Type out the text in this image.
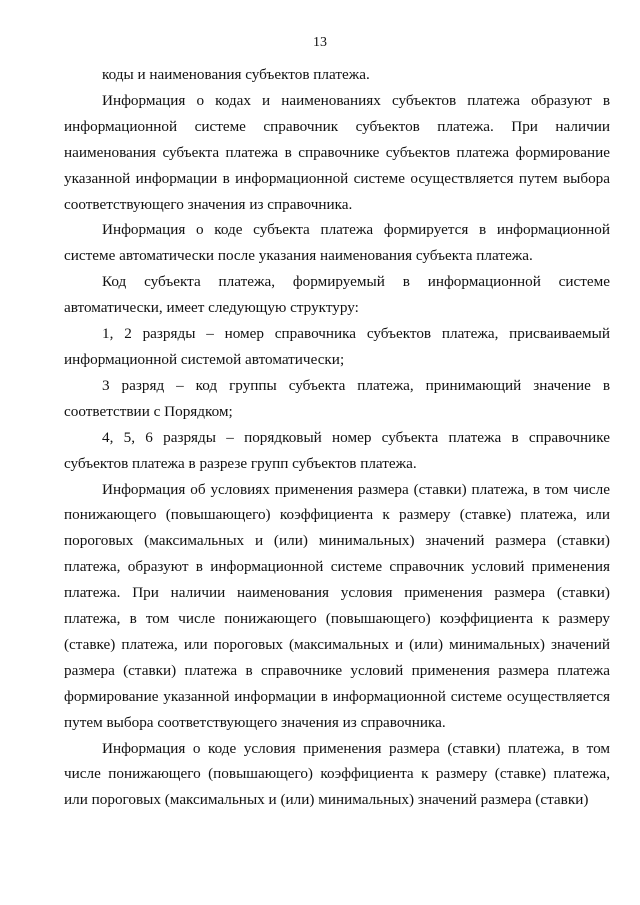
13

коды и наименования субъектов платежа.

Информация о кодах и наименованиях субъектов платежа образуют в информационной системе справочник субъектов платежа. При наличии наименования субъекта платежа в справочнике субъектов платежа формирование указанной информации в информационной системе осуществляется путем выбора соответствующего значения из справочника.

Информация о коде субъекта платежа формируется в информационной системе автоматически после указания наименования субъекта платежа.

Код субъекта платежа, формируемый в информационной системе автоматически, имеет следующую структуру:

1, 2 разряды – номер справочника субъектов платежа, присваиваемый информационной системой автоматически;

3 разряд – код группы субъекта платежа, принимающий значение в соответствии с Порядком;

4, 5, 6 разряды – порядковый номер субъекта платежа в справочнике субъектов платежа в разрезе групп субъектов платежа.

Информация об условиях применения размера (ставки) платежа, в том числе понижающего (повышающего) коэффициента к размеру (ставке) платежа, или пороговых (максимальных и (или) минимальных) значений размера (ставки) платежа, образуют в информационной системе справочник условий применения платежа. При наличии наименования условия применения размера (ставки) платежа, в том числе понижающего (повышающего) коэффициента к размеру (ставке) платежа, или пороговых (максимальных и (или) минимальных) значений размера (ставки) платежа в справочнике условий применения размера платежа формирование указанной информации в информационной системе осуществляется путем выбора соответствующего значения из справочника.

Информация о коде условия применения размера (ставки) платежа, в том числе понижающего (повышающего) коэффициента к размеру (ставке) платежа, или пороговых (максимальных и (или) минимальных) значений размера (ставки)
